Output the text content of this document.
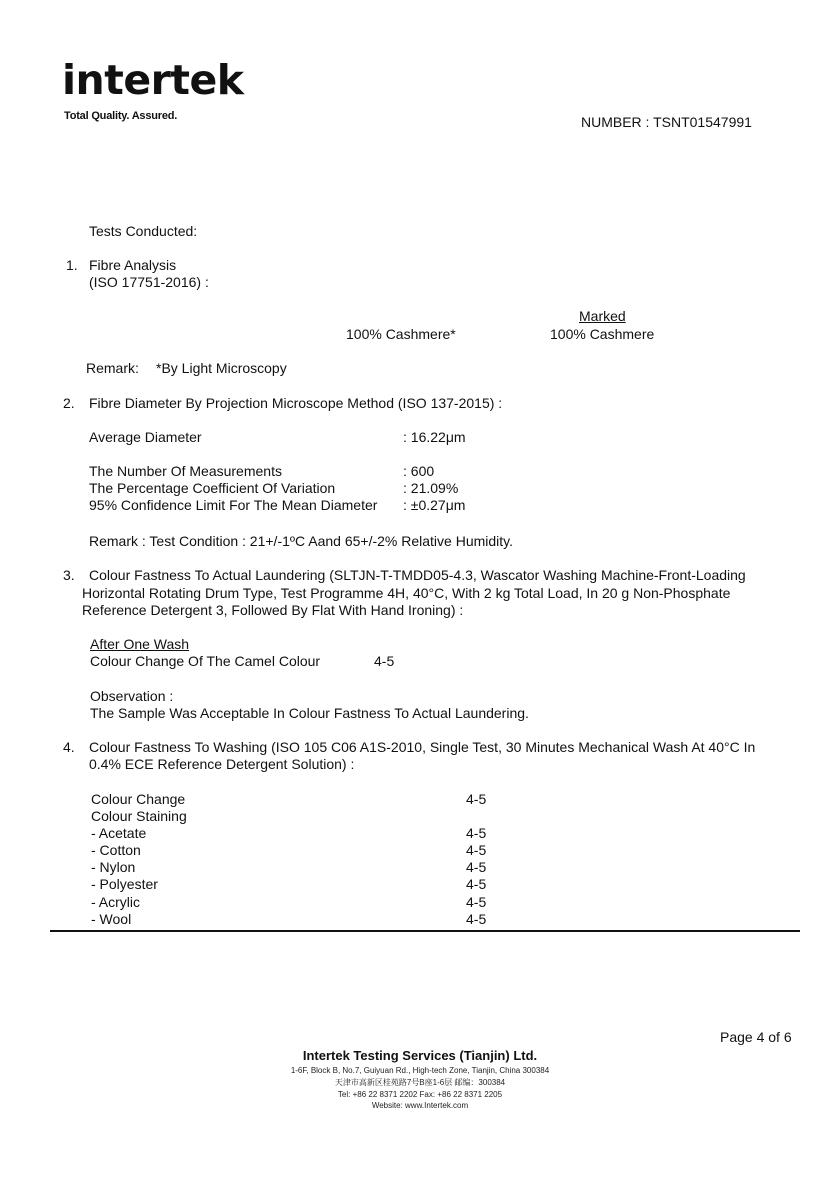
intertek
Total Quality. Assured.	NUMBER : TSNT01547991
Tests Conducted:
1. Fibre Analysis
(ISO 17751-2016) :
Marked
100% Cashmere*	100% Cashmere
Remark: *By Light Microscopy
2. Fibre Diameter By Projection Microscope Method (ISO 137-2015) :
Average Diameter	: 16.22μm
The Number Of Measurements	: 600
The Percentage Coefficient Of Variation	: 21.09%
95% Confidence Limit For The Mean Diameter : ±0.27μm
Remark : Test Condition : 21+/-1ºC Aand 65+/-2% Relative Humidity.
3. Colour Fastness To Actual Laundering (SLTJN-T-TMDD05-4.3, Wascator Washing Machine-Front-Loading
Horizontal Rotating Drum Type, Test Programme 4H, 40°C, With 2 kg Total Load, In 20 g Non-Phosphate
Reference Detergent 3, Followed By Flat With Hand Ironing) :
After One Wash
Colour Change Of The Camel Colour	4-5
Observation :
The Sample Was Acceptable In Colour Fastness To Actual Laundering.
4. Colour Fastness To Washing (ISO 105 C06 A1S-2010, Single Test, 30 Minutes Mechanical Wash At 40°C In
0.4% ECE Reference Detergent Solution) :
Colour Change	4-5
Colour Staining
- Acetate	4-5
- Cotton	4-5
- Nylon	4-5
- Polyester	4-5
- Acrylic	4-5
- Wool	4-5
Page 4 of 6
Intertek Testing Services (Tianjin) Ltd.
1-6F, Block B, No.7, Guiyuan Rd., High-tech Zone, Tianjin, China 300384
天津市高新区桂苑路7号B座1-6层 邮编：300384
Tel: +86 22 8371 2202 Fax: +86 22 8371 2205
Website: www.Intertek.com
